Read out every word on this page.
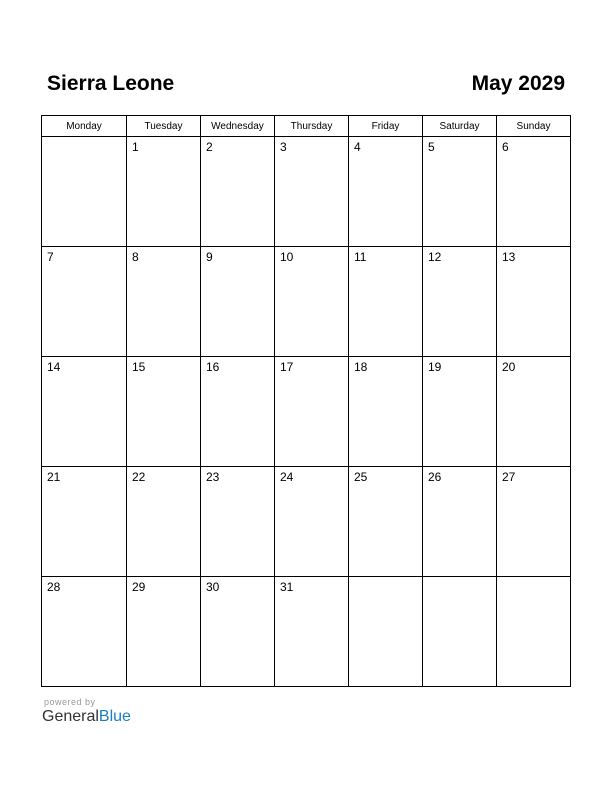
Sierra Leone	May 2029
Monday	Tuesday	Wednesday	Thursday	Friday	Saturday	Sunday

	1	2	3	4	5	6

7	8	9	10	11	12	13

14	15	16	17	18	19	20

21	22	23	24	25	26	27

28	29	30	31			

powered by
GeneralBlue
